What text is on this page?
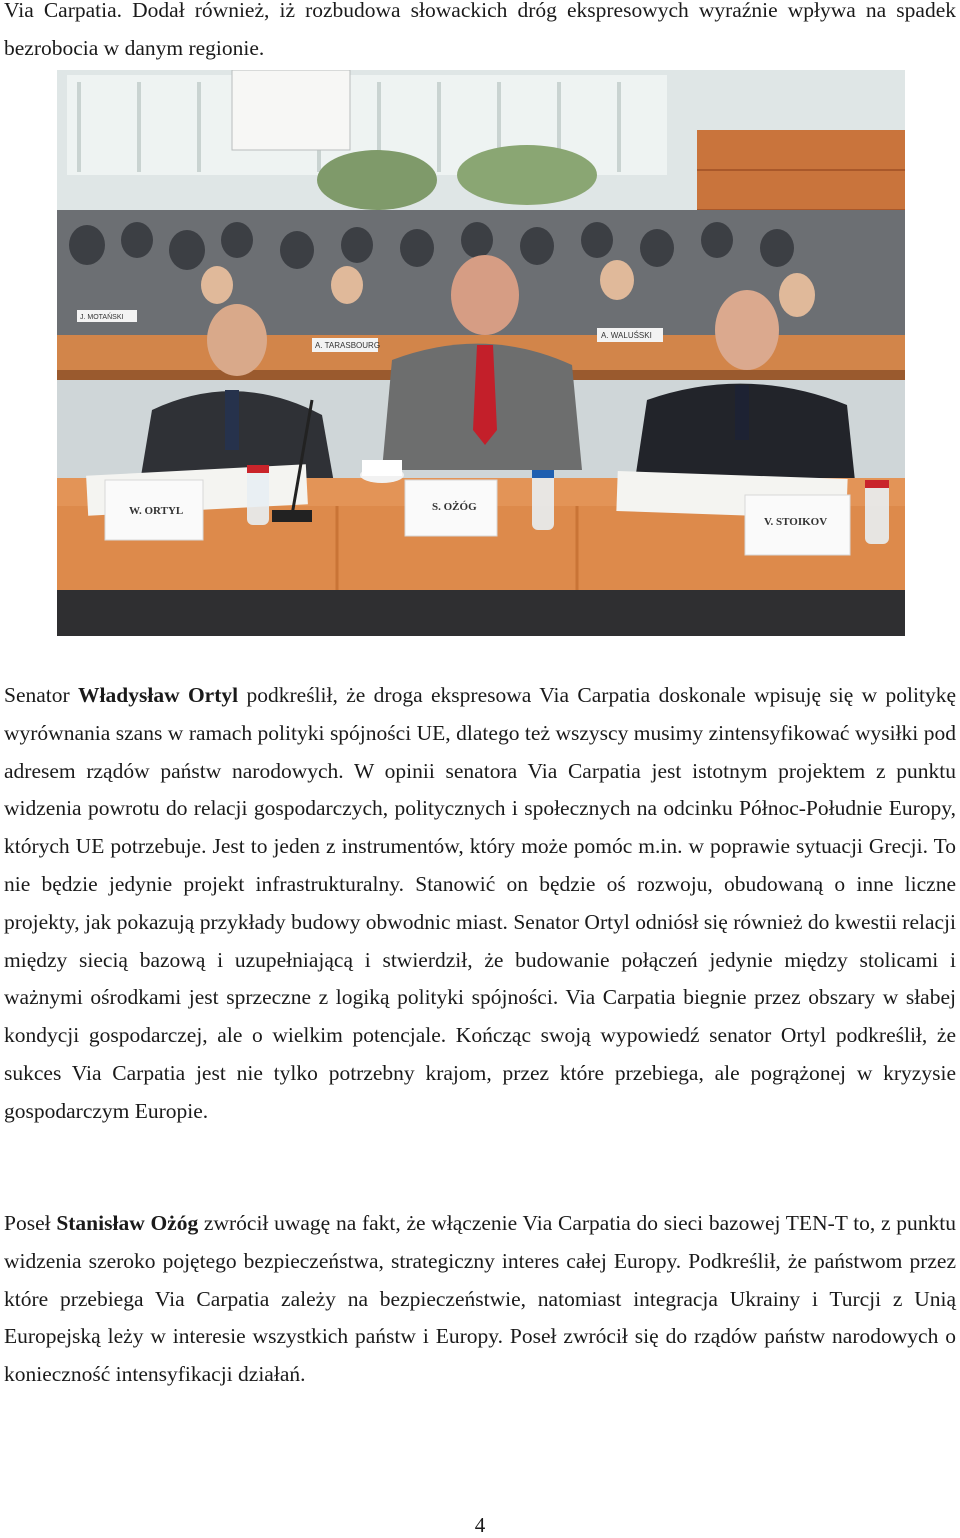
Via Carpatia. Dodał również, iż rozbudowa słowackich dróg ekspresowych wyraźnie wpływa na spadek bezrobocia w danym regionie.

A. TARASBOURG
A. WALUŚSKI
W. ORTYL	S. OŻÓG
V. STOIKOV
J. MOTAŃSKI

Senator Władysław Ortyl podkreślił, że droga ekspresowa Via Carpatia doskonale wpisuję się w politykę wyrównania szans w ramach polityki spójności UE, dlatego też wszyscy musimy zintensyfikować wysiłki pod adresem rządów państw narodowych. W opinii senatora Via Carpatia jest istotnym projektem z punktu widzenia powrotu do relacji gospodarczych, politycznych i społecznych na odcinku Północ-Południe Europy, których UE potrzebuje. Jest to jeden z instrumentów, który może pomóc m.in. w poprawie sytuacji Grecji. To nie będzie jedynie projekt infrastrukturalny. Stanowić on będzie oś rozwoju, obudowaną o inne liczne projekty, jak pokazują przykłady budowy obwodnic miast. Senator Ortyl odniósł się również do kwestii relacji między siecią bazową i uzupełniającą i stwierdził, że budowanie połączeń jedynie między stolicami i ważnymi ośrodkami jest sprzeczne z logiką polityki spójności. Via Carpatia biegnie przez obszary w słabej kondycji gospodarczej, ale o wielkim potencjale. Kończąc swoją wypowiedź senator Ortyl podkreślił, że sukces Via Carpatia jest nie tylko potrzebny krajom, przez które przebiega, ale pogrążonej w kryzysie gospodarczym Europie.

Poseł Stanisław Ożóg zwrócił uwagę na fakt, że włączenie Via Carpatia do sieci bazowej TEN-T to, z punktu widzenia szeroko pojętego bezpieczeństwa, strategiczny interes całej Europy. Podkreślił, że państwom przez które przebiega Via Carpatia zależy na bezpieczeństwie, natomiast integracja Ukrainy i Turcji z Unią Europejską leży w interesie wszystkich państw i Europy. Poseł zwrócił się do rządów państw narodowych o konieczność intensyfikacji działań.

4
